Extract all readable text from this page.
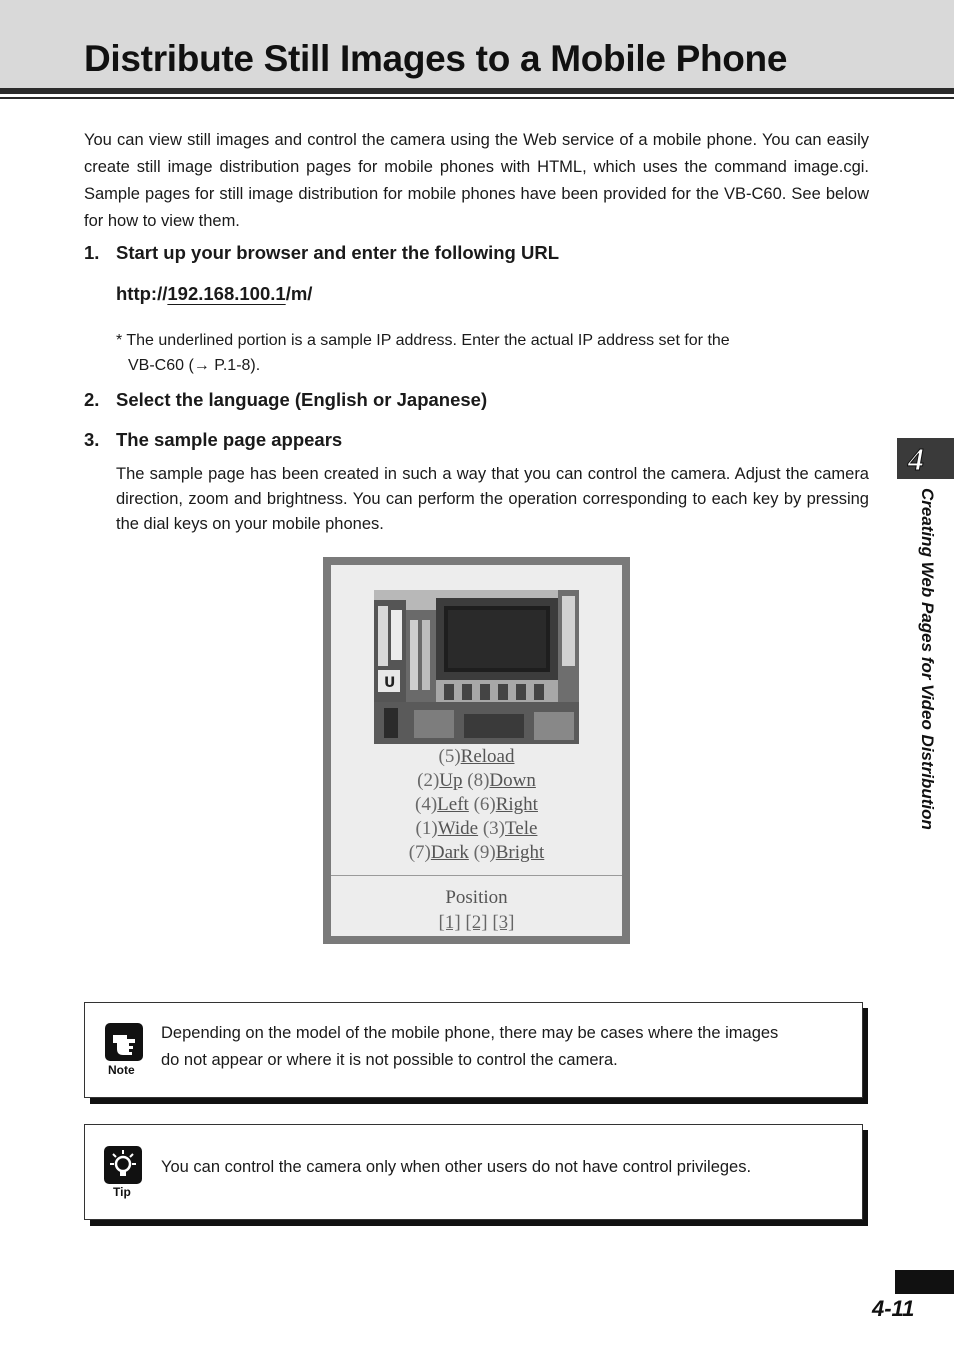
Distribute Still Images to a Mobile Phone

You can view still images and control the camera using the Web service of a mobile phone. You can easily create still image distribution pages for mobile phones with HTML, which uses the command image.cgi. Sample pages for still image distribution for mobile phones have been provided for the VB-C60. See below for how to view them.

1. Start up your browser and enter the following URL
http://192.168.100.1/m/
* The underlined portion is a sample IP address. Enter the actual IP address set for the
VB-C60 (→ P.1-8).
2. Select the language (English or Japanese)
3. The sample page appears

The sample page has been created in such a way that you can control the camera. Adjust the camera direction, zoom and brightness. You can perform the operation corresponding to each key by pressing the dial keys on your mobile phones.

U
(5)Reload
(2)Up (8)Down
(4)Left (6)Right
(1)Wide (3)Tele
(7)Dark (9)Bright
Position
[1] [2] [3]
Note
Depending on the model of the mobile phone, there may be cases where the images
do not appear or where it is not possible to control the camera.
Tip
You can control the camera only when other users do not have control privileges.
4
Creating Web Pages for Video Distribution
4-11
